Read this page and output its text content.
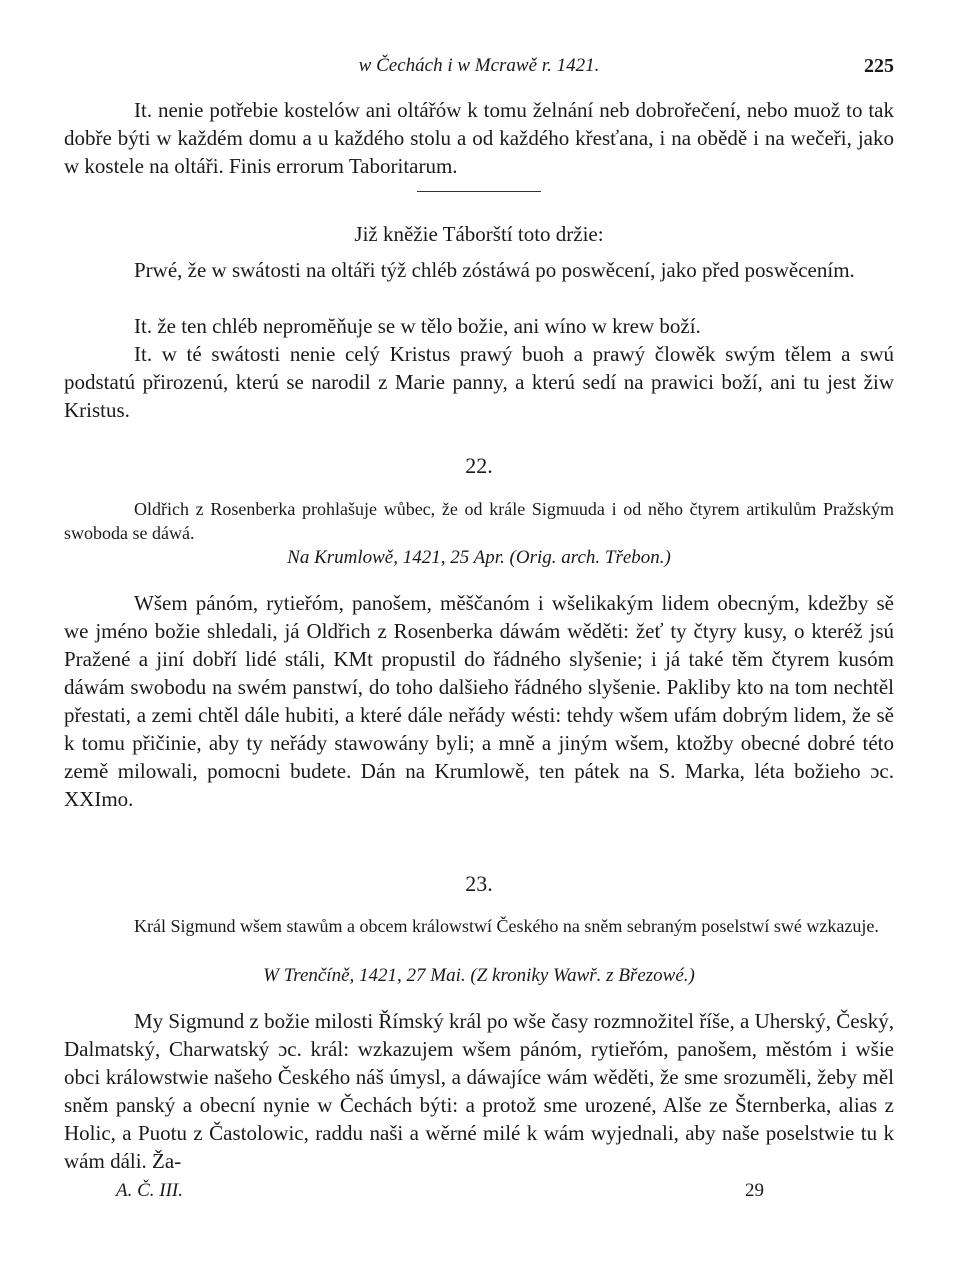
w Čechách i w Mcrawě r. 1421.	225

It. nenie potřebie kostelów ani oltářów k tomu želnání neb dobrořečení, nebo muož to tak dobře býti w každém domu a u každého stolu a od každého křesťana, i na obědě i na wečeři, jako w kostele na oltáři. Finis errorum Taboritarum.

Již kněžie Táborští toto držie:

Prwé, že w swátosti na oltáři týž chléb zóstáwá po poswěcení, jako před poswěcením.

It. že ten chléb nepromĕňuje se w tělo božie, ani wíno w krew boží.

It. w té swátosti nenie celý Kristus prawý buoh a prawý člowěk swým tělem a swú podstatú přirozenú, kterú se narodil z Marie panny, a kterú sedí na prawici boží, ani tu jest žiw Kristus.

22.

Oldřich z Rosenberka prohlašuje wůbec, že od krále Sigmuuda i od něho čtyrem artikulům Pražským swoboda se dáwá.

Na Krumlowě, 1421, 25 Apr. (Orig. arch. Třebon.)

Wšem pánóm, rytieřóm, panošem, měščanóm i wšelikakým lidem obecným, kdežby sě we jméno božie shledali, já Oldřich z Rosenberka dáwám wěděti: žeť ty čtyry kusy, o kteréž jsú Pražené a jiní dobří lidé stáli, KMt propustil do řádného slyšenie; i já také těm čtyrem kusóm dáwám swobodu na swém panstwí, do toho dalšieho řádného slyšenie. Pakliby kto na tom nechtěl přestati, a zemi chtěl dále hubiti, a které dále neřády wésti: tehdy wšem ufám dobrým lidem, že sě k tomu přičinie, aby ty neřády stawowány byli; a mně a jiným wšem, ktožby obecné dobré této země milowali, pomocni budete. Dán na Krumlowě, ten pátek na S. Marka, léta božieho ɔc. XXImo.

23.

Král Sigmund wšem stawům a obcem králowstwí Českého na sněm sebraným poselstwí swé wzkazuje.

W Trenčíně, 1421, 27 Mai. (Z kroniky Wawř. z Březowé.)

My Sigmund z božie milosti Římský král po wše časy rozmnožitel říše, a Uherský, Český, Dalmatský, Charwatský ɔc. král: wzkazujem wšem pánóm, rytieřóm, panošem, městóm i wšie obci králowstwie našeho Českého náš úmysl, a dáwajíce wám wěděti, že sme srozuměli, žeby měl sněm panský a obecní nynie w Čechách býti: a protož sme urozené, Alše ze Šternberka, alias z Holic, a Puotu z Častolowic, raddu naši a wěrné milé k wám wyjednali, aby naše poselstwie tu k wám dáli. Ža-

A. Č. III.	29
